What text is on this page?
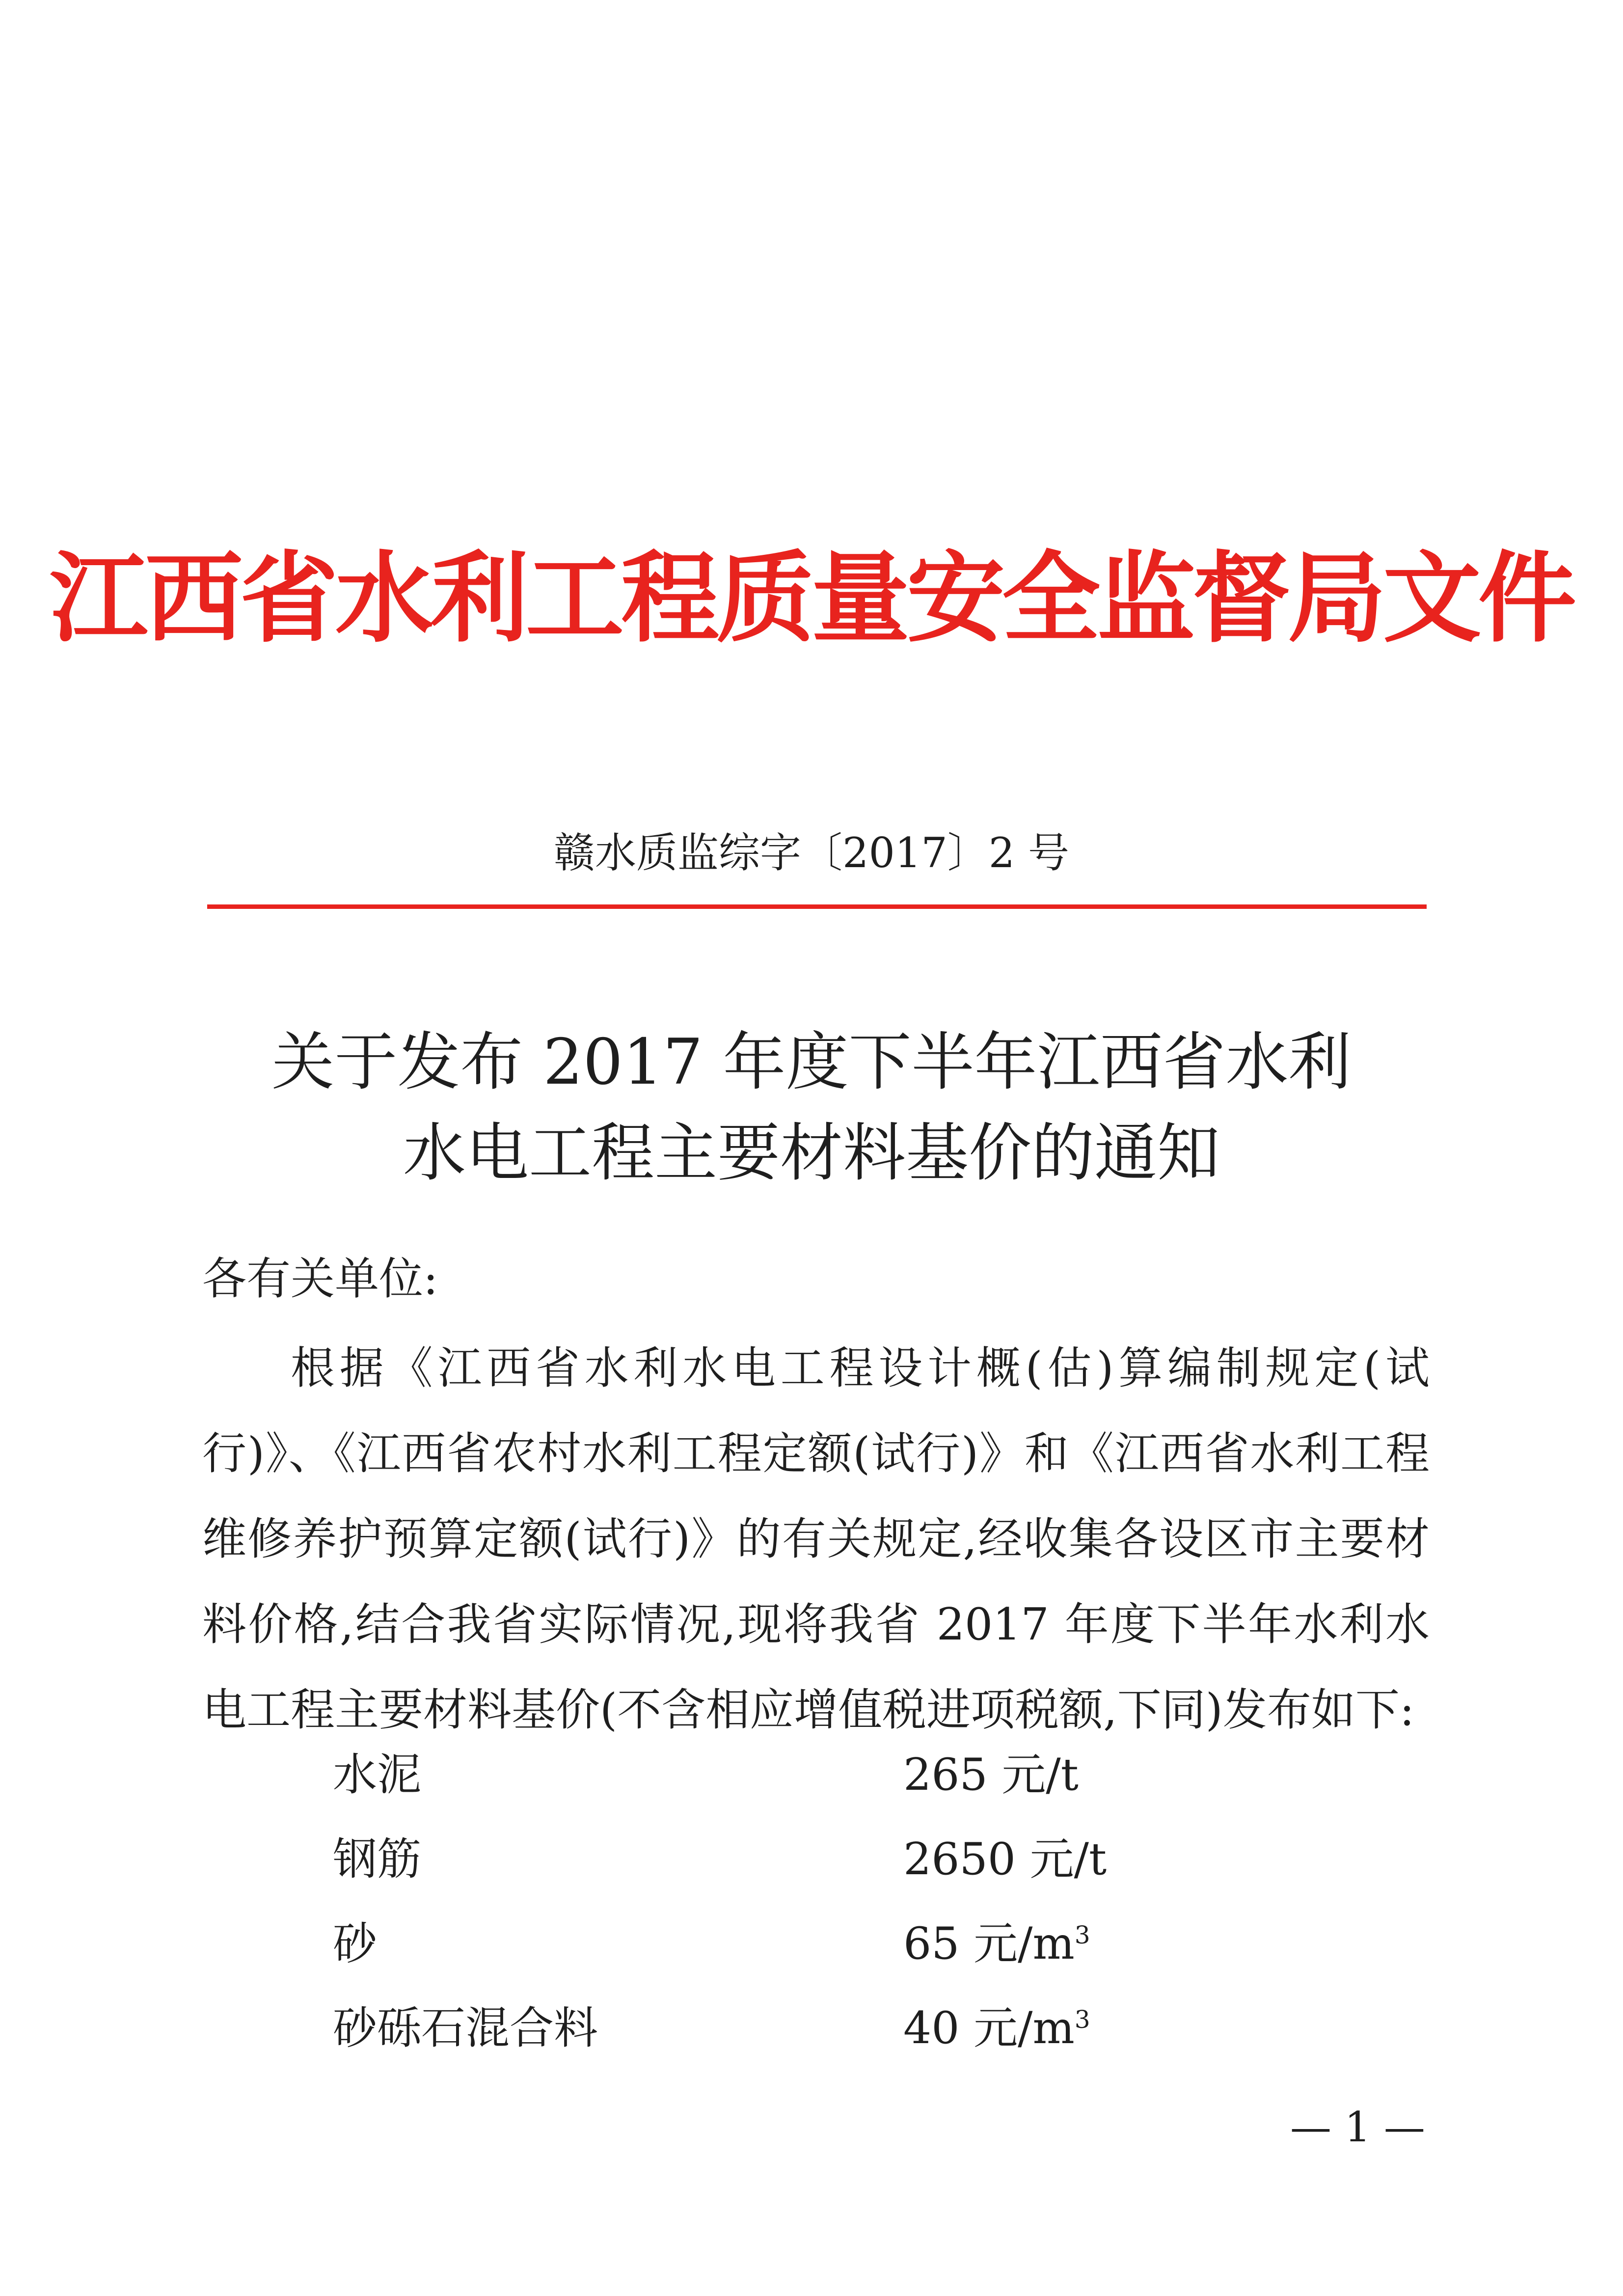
江西省水利工程质量安全监督局文件
赣水质监综字〔2017〕2 号
关于发布 2017 年度下半年江西省水利
水电工程主要材料基价的通知
各有关单位:

根据《江西省水利水电工程设计概(估)算编制规定(试行)》、《江西省农村水利工程定额(试行)》和《江西省水利工程维修养护预算定额(试行)》的有关规定,经收集各设区市主要材料价格,结合我省实际情况,现将我省 2017 年度下半年水利水电工程主要材料基价(不含相应增值税进项税额,下同)发布如下:

水泥	265 元/t
钢筋	2650 元/t
砂	65 元$/m^3$
砂砾石混合料	40 元$/m^3$
— 1 —
